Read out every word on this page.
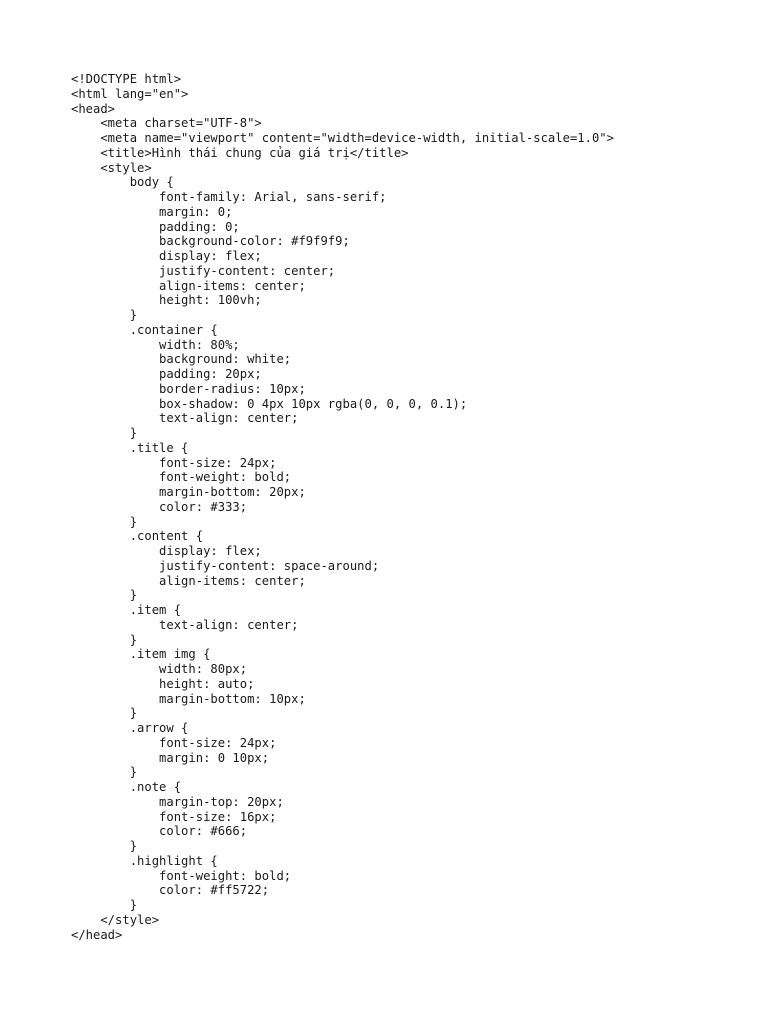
<!DOCTYPE html>
<html lang="en">
<head>
<meta charset="UTF-8">
<meta name="viewport" content="width=device-width, initial-scale=1.0">
<title>Hình thái chung của giá trị</title>
<style>
body {
font-family: Arial, sans-serif;
margin: 0;
padding: 0;
background-color: #f9f9f9;
display: flex;
justify-content: center;
align-items: center;
height: 100vh;
}
.container {
width: 80%;
background: white;
padding: 20px;
border-radius: 10px;
box-shadow: 0 4px 10px rgba(0, 0, 0, 0.1);
text-align: center;
}
.title {
font-size: 24px;
font-weight: bold;
margin-bottom: 20px;
color: #333;
}
.content {
display: flex;
justify-content: space-around;
align-items: center;
}
.item {
text-align: center;
}
.item img {
width: 80px;
height: auto;
margin-bottom: 10px;
}
.arrow {
font-size: 24px;
margin: 0 10px;
}
.note {
margin-top: 20px;
font-size: 16px;
color: #666;
}
.highlight {
font-weight: bold;
color: #ff5722;
}
</style>
</head>
